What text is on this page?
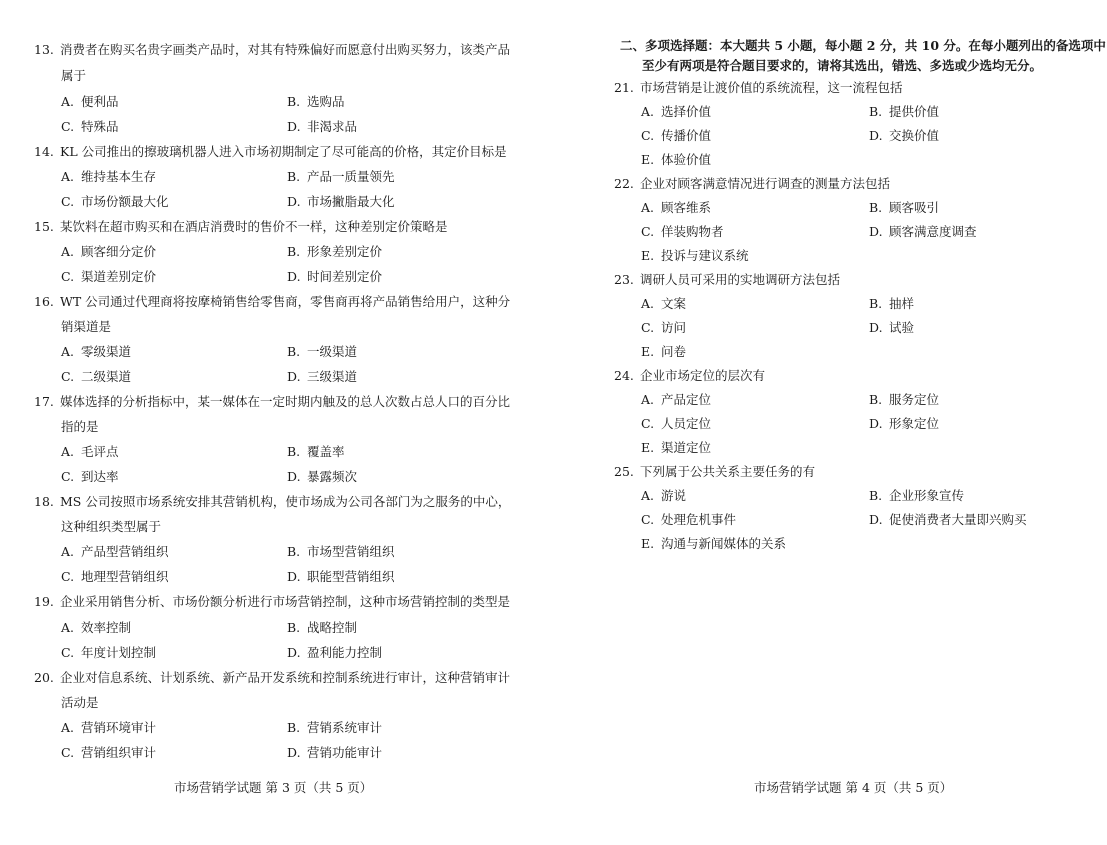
13. 消费者在购买名贵字画类产品时，对其有特殊偏好而愿意付出购买努力，该类产品
属于
A. 便利品	B. 选购品
C. 特殊品	D. 非渴求品
14. KL 公司推出的擦玻璃机器人进入市场初期制定了尽可能高的价格，其定价目标是
A. 维持基本生存	B. 产品一质量领先
C. 市场份额最大化	D. 市场撇脂最大化
15. 某饮料在超市购买和在酒店消费时的售价不一样，这种差别定价策略是
A. 顾客细分定价	B. 形象差别定价
C. 渠道差别定价	D. 时间差别定价
16. WT 公司通过代理商将按摩椅销售给零售商，零售商再将产品销售给用户，这种分
销渠道是
A. 零级渠道	B. 一级渠道
C. 二级渠道	D. 三级渠道
17. 媒体选择的分析指标中，某一媒体在一定时期内触及的总人次数占总人口的百分比
指的是
A. 毛评点	B. 覆盖率
C. 到达率	D. 暴露频次
18. MS 公司按照市场系统安排其营销机构，使市场成为公司各部门为之服务的中心，
这种组织类型属于
A. 产品型营销组织	B. 市场型营销组织
C. 地理型营销组织	D. 职能型营销组织
19. 企业采用销售分析、市场份额分析进行市场营销控制，这种市场营销控制的类型是
A. 效率控制	B. 战略控制
C. 年度计划控制	D. 盈利能力控制
20. 企业对信息系统、计划系统、新产品开发系统和控制系统进行审计，这种营销审计
活动是
A. 营销环境审计	B. 营销系统审计
C. 营销组织审计	D. 营销功能审计
市场营销学试题 第 3 页（共 5 页）
二、多项选择题：本大题共 5 小题，每小题 2 分，共 10 分。在每小题列出的备选项中
至少有两项是符合题目要求的，请将其选出，错选、多选或少选均无分。
21. 市场营销是让渡价值的系统流程，这一流程包括
A. 选择价值	B. 提供价值
C. 传播价值	D. 交换价值
E. 体验价值
22. 企业对顾客满意情况进行调查的测量方法包括
A. 顾客维系	B. 顾客吸引
C. 佯装购物者	D. 顾客满意度调查
E. 投诉与建议系统
23. 调研人员可采用的实地调研方法包括
A. 文案	B. 抽样
C. 访问	D. 试验
E. 问卷
24. 企业市场定位的层次有
A. 产品定位	B. 服务定位
C. 人员定位	D. 形象定位
E. 渠道定位
25. 下列属于公共关系主要任务的有
A. 游说	B. 企业形象宣传
C. 处理危机事件	D. 促使消费者大量即兴购买
E. 沟通与新闻媒体的关系
市场营销学试题 第 4 页（共 5 页）
